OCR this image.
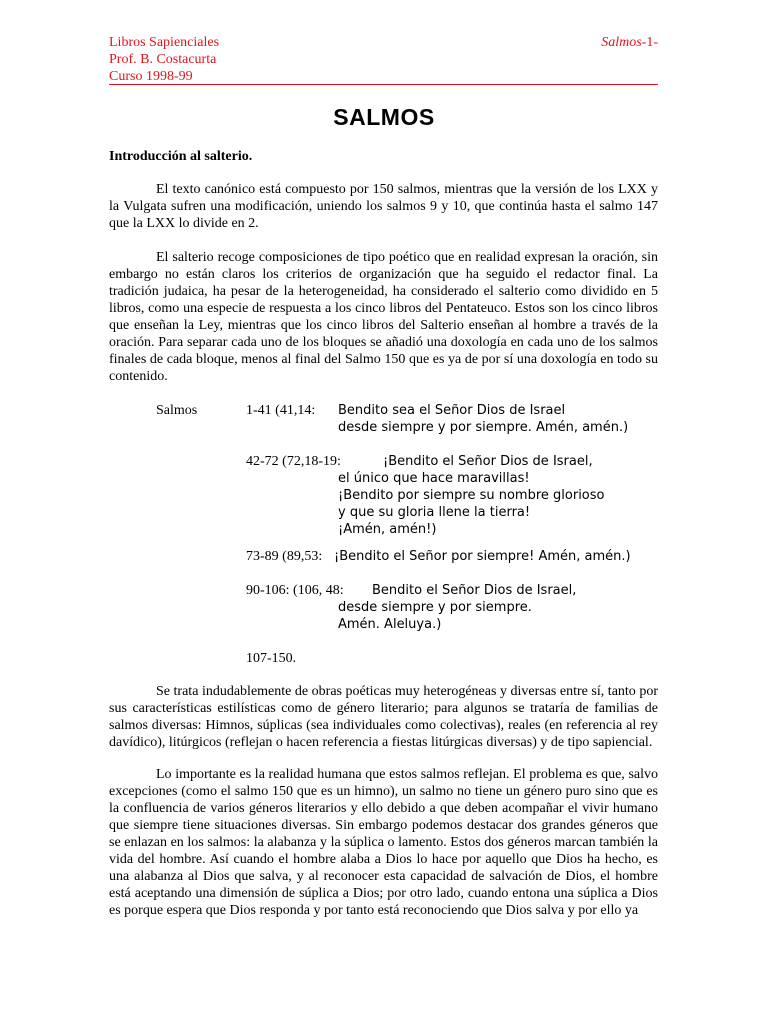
Libros Sapienciales
Prof. B. Costacurta
Curso 1998-99
Salmos-1-
SALMOS
Introducción al salterio.

El texto canónico está compuesto por 150 salmos, mientras que la versión de los LXX y la Vulgata sufren una modificación, uniendo los salmos 9 y 10, que continúa hasta el salmo 147 que la LXX lo divide en 2.

El salterio recoge composiciones de tipo poético que en realidad expresan la oración, sin embargo no están claros los criterios de organización que ha seguido el redactor final. La tradición judaica, ha pesar de la heterogeneidad, ha considerado el salterio como dividido en 5 libros, como una especie de respuesta a los cinco libros del Pentateuco. Estos son los cinco libros que enseñan la Ley, mientras que los cinco libros del Salterio enseñan al hombre a través de la oración. Para separar cada uno de los bloques se añadió una doxología en cada uno de los salmos finales de cada bloque, menos al final del Salmo 150 que es ya de por sí una doxología en todo su contenido.

Salmos	1-41 (41,14: Bendito sea el Señor Dios de Israel
desde siempre y por siempre. Amén, amén.)
42-72 (72,18-19:	¡Bendito el Señor Dios de Israel,
el único que hace maravillas!
¡Bendito por siempre su nombre glorioso
y que su gloria llene la tierra!
¡Amén, amén!)
73-89 (89,53: ¡Bendito el Señor por siempre! Amén, amén.)
90-106: (106, 48: Bendito el Señor Dios de Israel,
desde siempre y por siempre.
Amén. Aleluya.)
107-150.

Se trata indudablemente de obras poéticas muy heterogéneas y diversas entre sí, tanto por sus características estilísticas como de género literario; para algunos se trataría de familias de salmos diversas: Himnos, súplicas (sea individuales como colectivas), reales (en referencia al rey davídico), litúrgicos (reflejan o hacen referencia a fiestas litúrgicas diversas) y de tipo sapiencial.

Lo importante es la realidad humana que estos salmos reflejan. El problema es que, salvo excepciones (como el salmo 150 que es un himno), un salmo no tiene un género puro sino que es la confluencia de varios géneros literarios y ello debido a que deben acompañar el vivir humano que siempre tiene situaciones diversas. Sin embargo podemos destacar dos grandes géneros que se enlazan en los salmos: la alabanza y la súplica o lamento. Estos dos géneros marcan también la vida del hombre. Así cuando el hombre alaba a Dios lo hace por aquello que Dios ha hecho, es una alabanza al Dios que salva, y al reconocer esta capacidad de salvación de Dios, el hombre está aceptando una dimensión de súplica a Dios; por otro lado, cuando entona una súplica a Dios es porque espera que Dios responda y por tanto está reconociendo que Dios salva y por ello ya
